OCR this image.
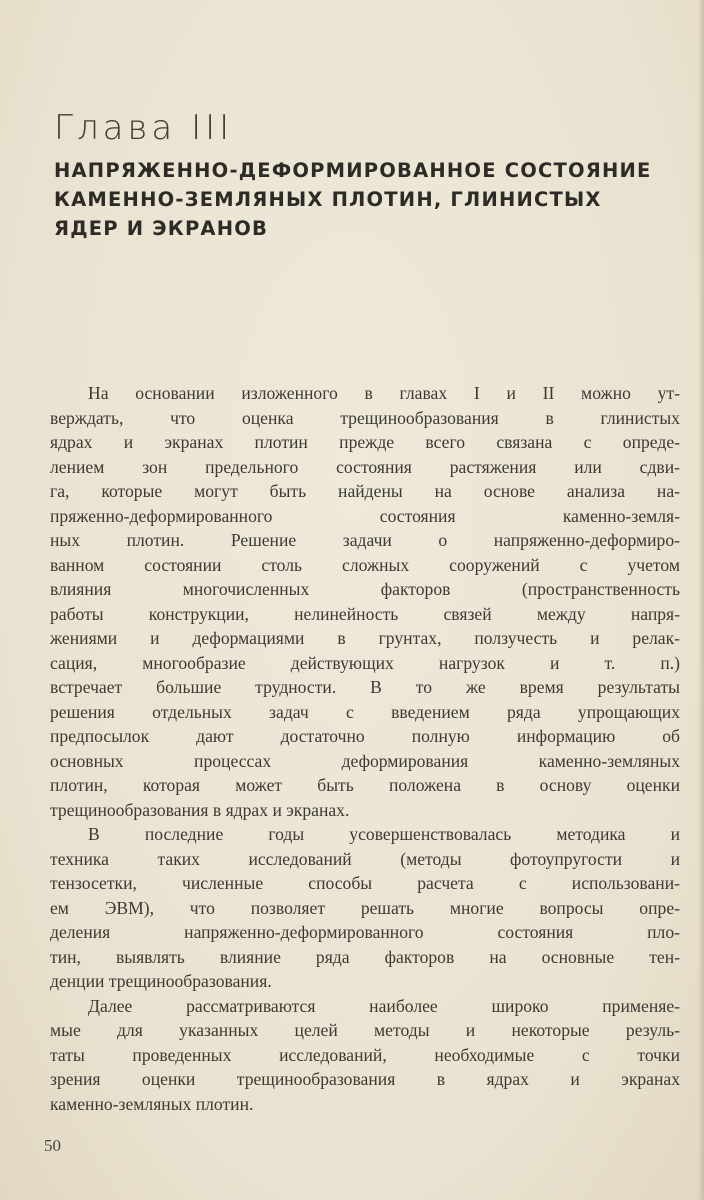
Глава III
НАПРЯЖЕННО-ДЕФОРМИРОВАННОЕ СОСТОЯНИЕ
КАМЕННО-ЗЕМЛЯНЫХ ПЛОТИН, ГЛИНИСТЫХ
ЯДЕР И ЭКРАНОВ
На основании изложенного в главах I и II можно ут-
верждать, что оценка трещинообразования в глинистых
ядрах и экранах плотин прежде всего связана с опреде-
лением зон предельного состояния растяжения или сдви-
га, которые могут быть найдены на основе анализа на-
пряженно-деформированного состояния каменно-земля-
ных плотин. Решение задачи о напряженно-деформиро-
ванном состоянии столь сложных сооружений с учетом
влияния многочисленных факторов (пространственность
работы конструкции, нелинейность связей между напря-
жениями и деформациями в грунтах, ползучесть и релак-
сация, многообразие действующих нагрузок и т. п.)
встречает большие трудности. В то же время результаты
решения отдельных задач с введением ряда упрощающих
предпосылок дают достаточно полную информацию об
основных процессах деформирования каменно-земляных
плотин, которая может быть положена в основу оценки
трещинообразования в ядрах и экранах.
В последние годы усовершенствовалась методика и
техника таких исследований (методы фотоупругости и
тензосетки, численные способы расчета с использовани-
ем ЭВМ), что позволяет решать многие вопросы опре-
деления напряженно-деформированного состояния пло-
тин, выявлять влияние ряда факторов на основные тен-
денции трещинообразования.
Далее рассматриваются наиболее широко применяе-
мые для указанных целей методы и некоторые резуль-
таты проведенных исследований, необходимые с точки
зрения оценки трещинообразования в ядрах и экранах
каменно-земляных плотин.
50
